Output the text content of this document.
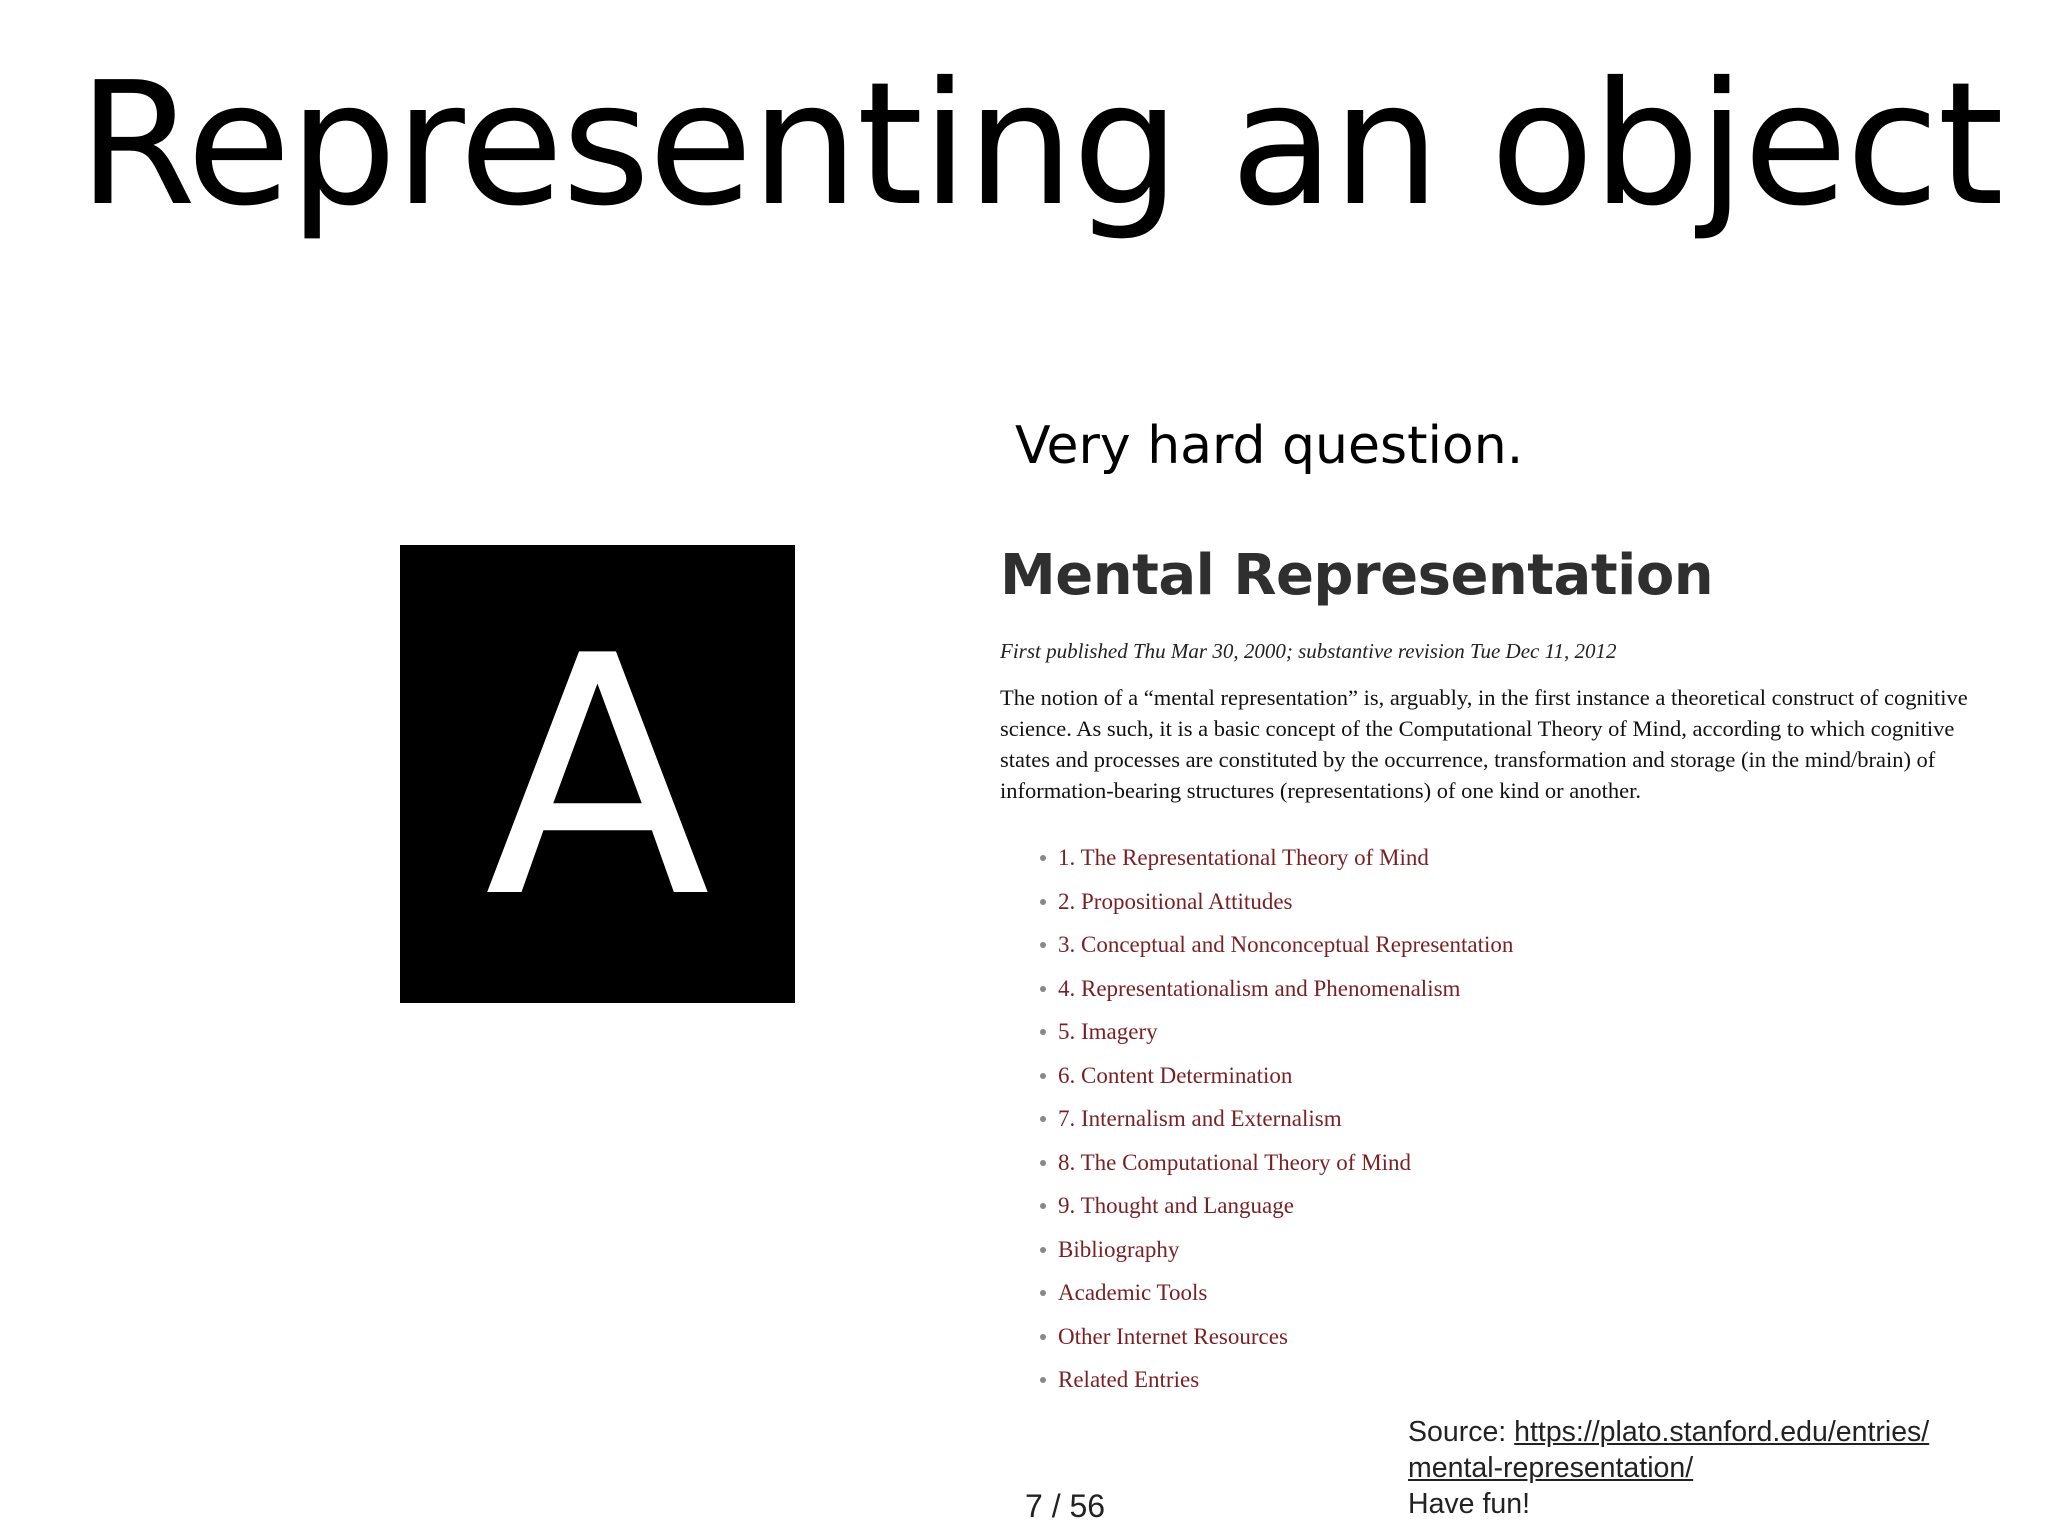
Representing an object
A
Very hard question.
Mental Representation
First published Thu Mar 30, 2000; substantive revision Tue Dec 11, 2012
The notion of a “mental representation” is, arguably, in the first instance a theoretical construct of cognitive science. As such, it is a basic concept of the Computational Theory of Mind, according to which cognitive states and processes are constituted by the occurrence, transformation and storage (in the mind/brain) of information-bearing structures (representations) of one kind or another.
1. The Representational Theory of Mind
2. Propositional Attitudes
3. Conceptual and Nonconceptual Representation
4. Representationalism and Phenomenalism
5. Imagery
6. Content Determination
7. Internalism and Externalism
8. The Computational Theory of Mind
9. Thought and Language
Bibliography
Academic Tools
Other Internet Resources
Related Entries
Source: https://plato.stanford.edu/entries/
mental-representation/
Have fun!
7 / 56
